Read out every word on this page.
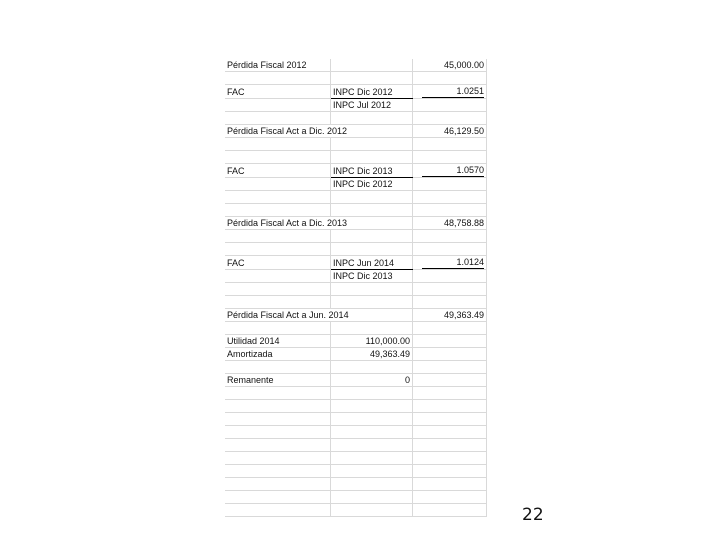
Pérdida Fiscal 2012		45,000.00

FAC	INPC Dic 2012	1.0251
	INPC Jul 2012	

Pérdida Fiscal Act a Dic. 2012		46,129.50

FAC	INPC Dic 2013	1.0570
	INPC Dic 2012	

Pérdida Fiscal Act a Dic. 2013		48,758.88

FAC	INPC Jun 2014	1.0124
	INPC Dic 2013	

Pérdida Fiscal Act a Jun. 2014		49,363.49

Utilidad 2014	110,000.00	
Amortizada	49,363.49	

Remanente	0	

22
